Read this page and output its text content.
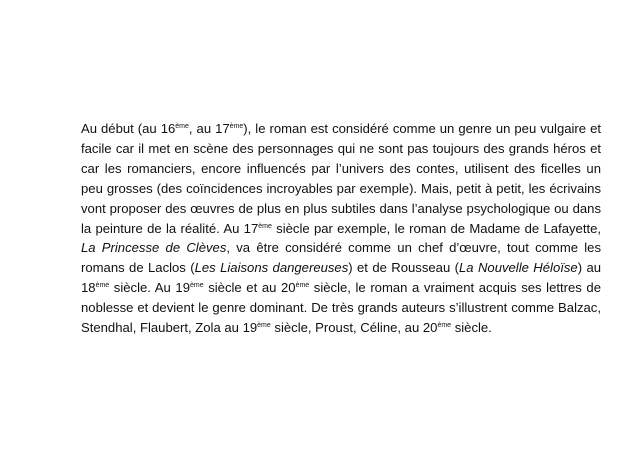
Au début (au 16ème, au 17ème), le roman est considéré comme un genre un peu vulgaire et facile car il met en scène des personnages qui ne sont pas toujours des grands héros et car les romanciers, encore influencés par l’univers des contes, utilisent des ficelles un peu grosses (des coïncidences incroyables par exemple). Mais, petit à petit, les écrivains vont proposer des œuvres de plus en plus subtiles dans l’analyse psychologique ou dans la peinture de la réalité. Au 17ème siècle par exemple, le roman de Madame de Lafayette, La Princesse de Clèves, va être considéré comme un chef d’œuvre, tout comme les romans de Laclos (Les Liaisons dangereuses) et de Rousseau (La Nouvelle Héloïse) au 18ème siècle. Au 19ème siècle et au 20ème siècle, le roman a vraiment acquis ses lettres de noblesse et devient le genre dominant. De très grands auteurs s’illustrent comme Balzac, Stendhal, Flaubert, Zola au 19ème siècle, Proust, Céline, au 20ème siècle.
